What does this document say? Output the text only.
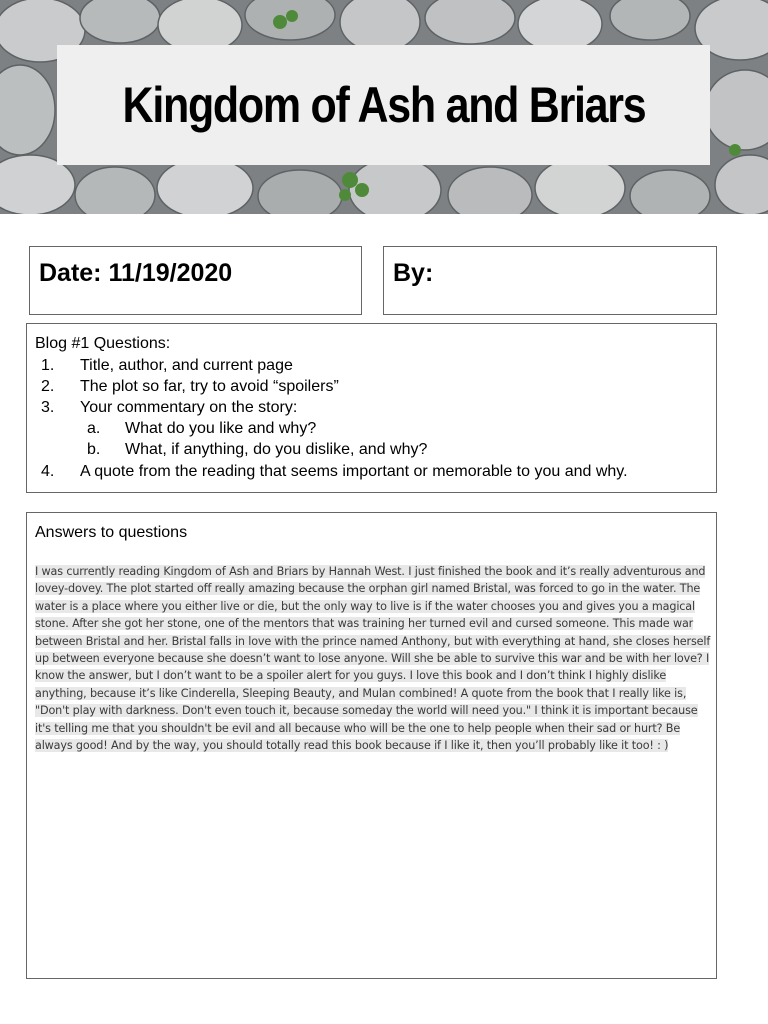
Kingdom of Ash and Briars
Date: 11/19/2020	By:
Blog #1 Questions:
1. Title, author, and current page
2. The plot so far, try to avoid “spoilers”
3. Your commentary on the story:
a. What do you like and why?
b. What, if anything, do you dislike, and why?
4. A quote from the reading that seems important or memorable to you and why.
Answers to questions
I was currently reading Kingdom of Ash and Briars by Hannah West. I just finished the book and it’s really adventurous and lovey-dovey. The plot started off really amazing because the orphan girl named Bristal, was forced to go in the water. The water is a place where you either live or die, but the only way to live is if the water chooses you and gives you a magical stone. After she got her stone, one of the mentors that was training her turned evil and cursed someone. This made war between Bristal and her. Bristal falls in love with the prince named Anthony, but with everything at hand, she closes herself up between everyone because she doesn’t want to lose anyone. Will she be able to survive this war and be with her love? I know the answer, but I don’t want to be a spoiler alert for you guys. I love this book and I don’t think I highly dislike anything, because it’s like Cinderella, Sleeping Beauty, and Mulan combined! A quote from the book that I really like is, "Don't play with darkness. Don't even touch it, because someday the world will need you." I think it is important because it's telling me that you shouldn't be evil and all because who will be the one to help people when their sad or hurt? Be always good! And by the way, you should totally read this book because if I like it, then you’ll probably like it too! : )
